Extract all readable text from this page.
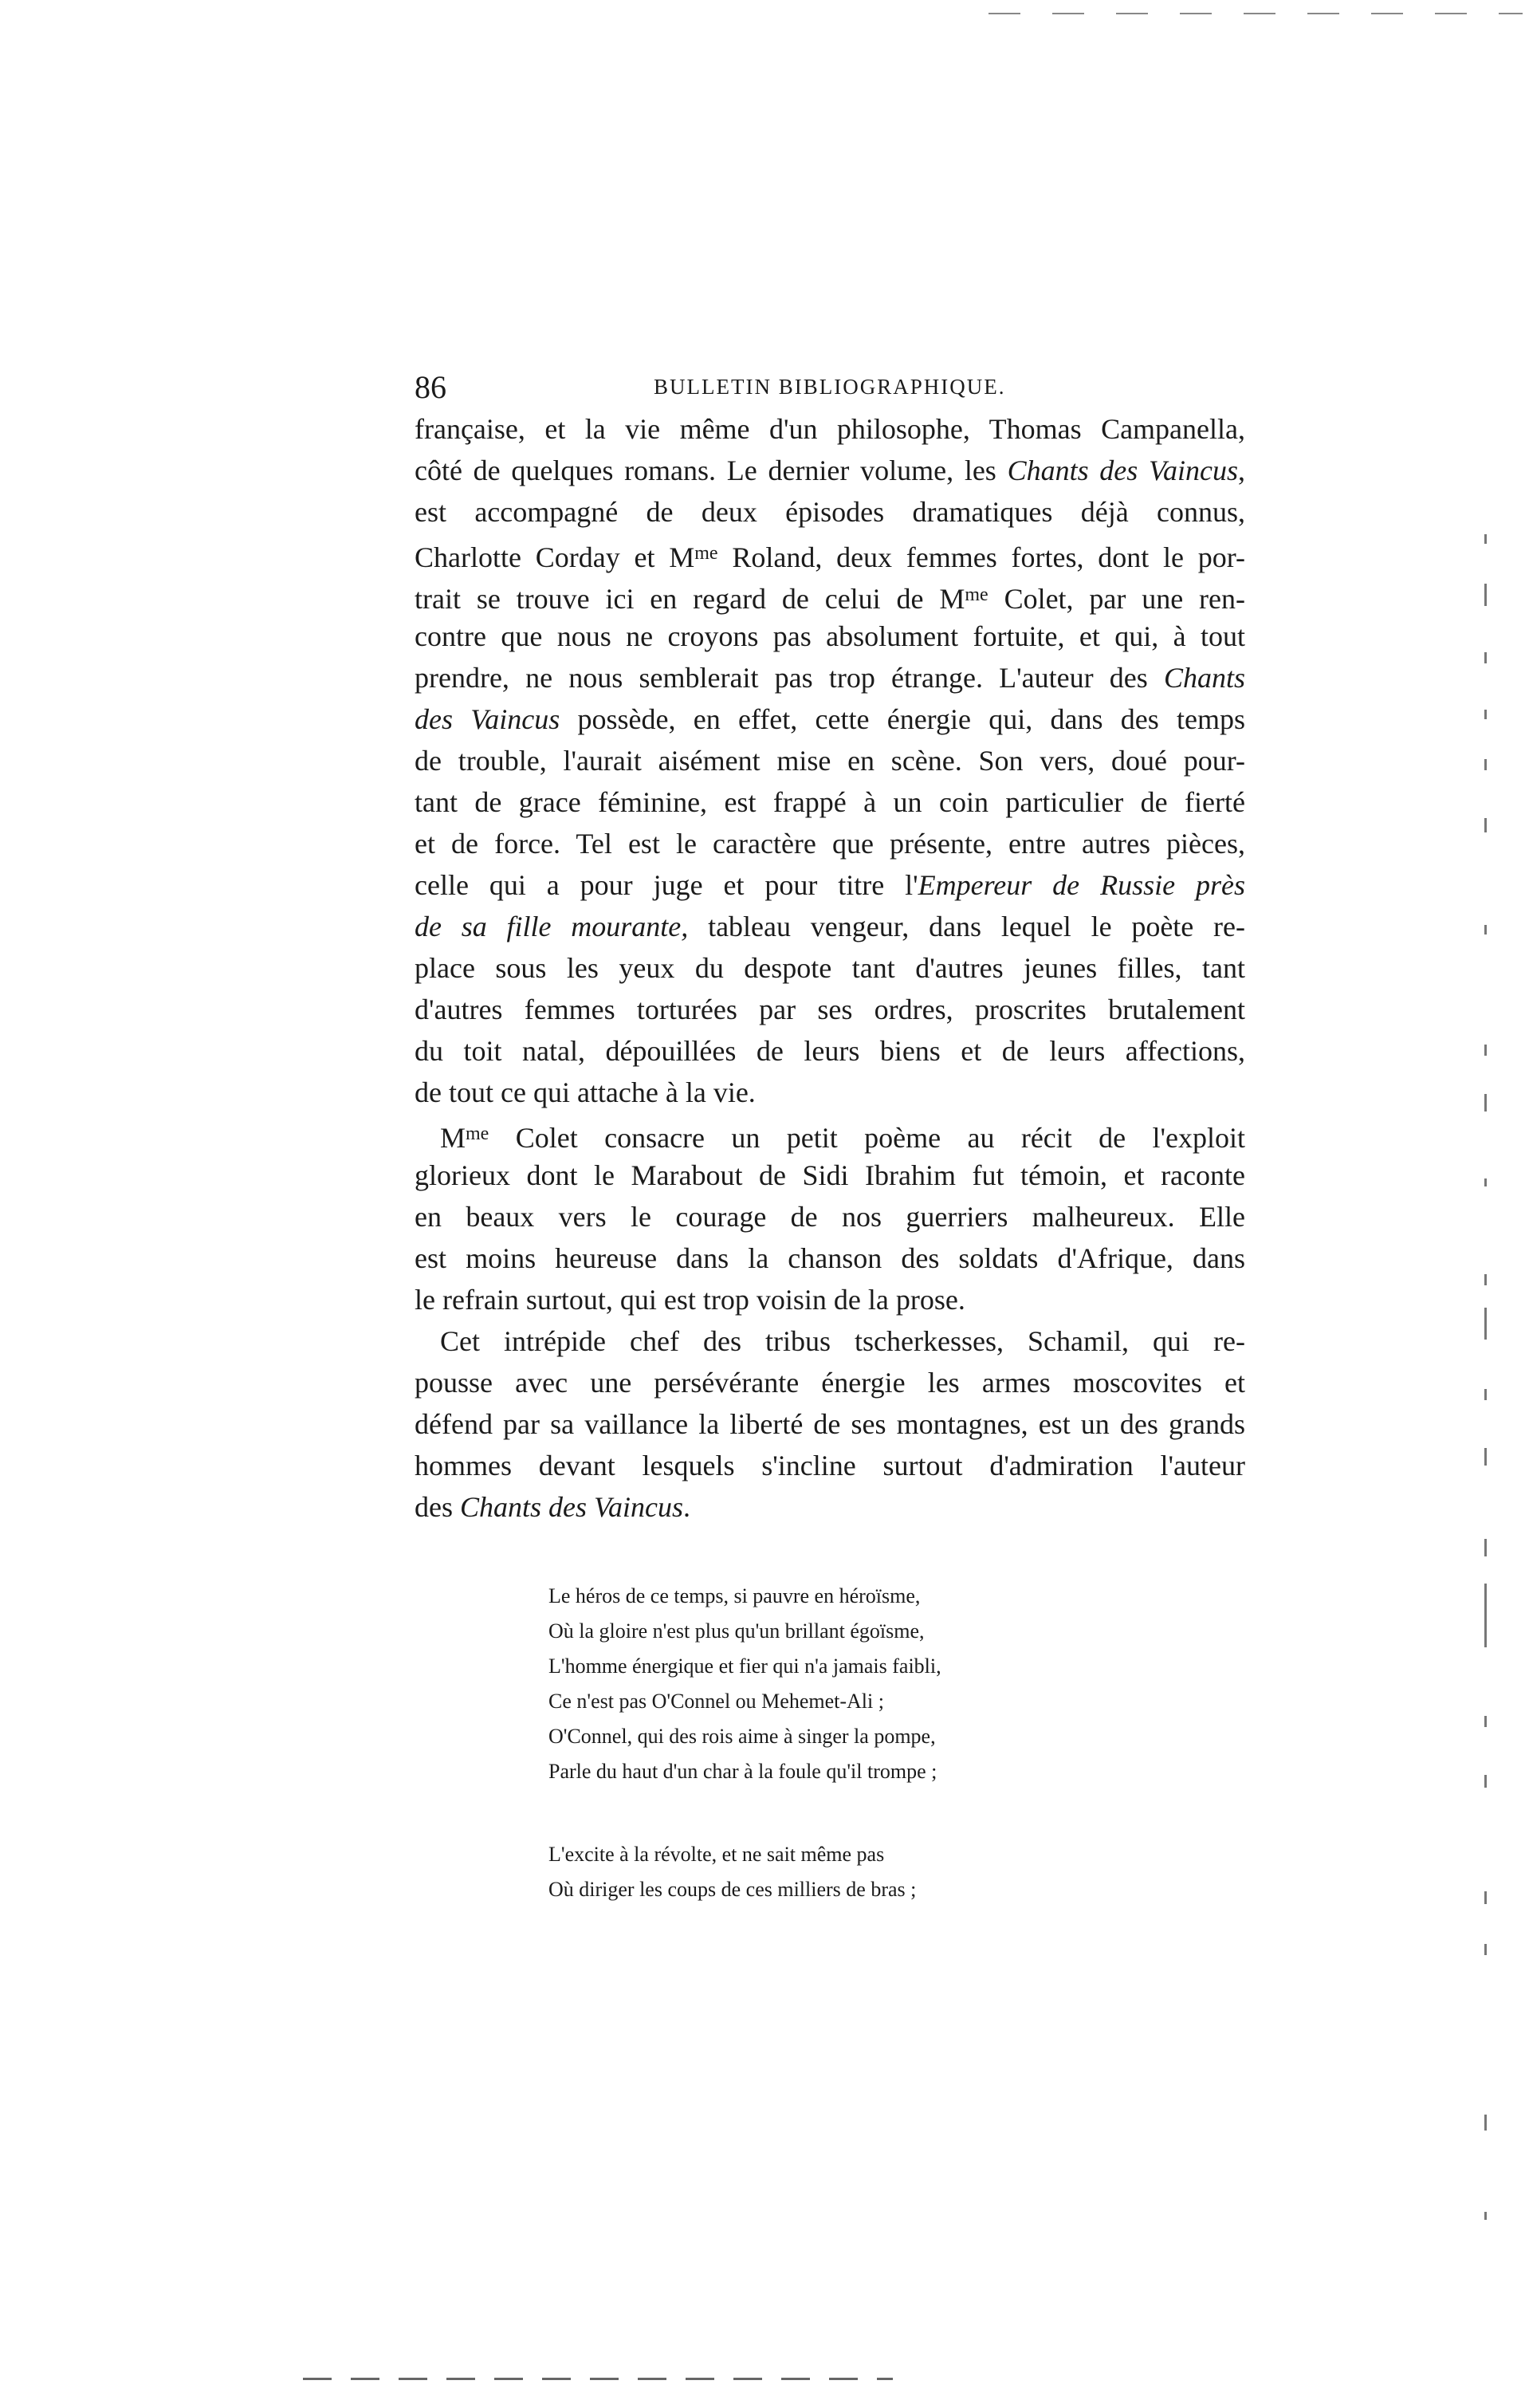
86	BULLETIN BIBLIOGRAPHIQUE.
française, et la vie même d'un philosophe, Thomas Campanella,
côté de quelques romans. Le dernier volume, les Chants des Vaincus,
est accompagné de deux épisodes dramatiques déjà connus,
Charlotte Corday et $M^{me}$ Roland, deux femmes fortes, dont le por-
trait se trouve ici en regard de celui de $M^{me}$ Colet, par une ren-
contre que nous ne croyons pas absolument fortuite, et qui, à tout
prendre, ne nous semblerait pas trop étrange. L'auteur des Chants
des Vaincus possède, en effet, cette énergie qui, dans des temps
de trouble, l'aurait aisément mise en scène. Son vers, doué pour-
tant de grace féminine, est frappé à un coin particulier de fierté
et de force. Tel est le caractère que présente, entre autres pièces,
celle qui a pour juge et pour titre l'Empereur de Russie près
de sa fille mourante, tableau vengeur, dans lequel le poète re-
place sous les yeux du despote tant d'autres jeunes filles, tant
d'autres femmes torturées par ses ordres, proscrites brutalement
du toit natal, dépouillées de leurs biens et de leurs affections,
de tout ce qui attache à la vie.
$M^{me}$ Colet consacre un petit poème au récit de l'exploit
glorieux dont le Marabout de Sidi Ibrahim fut témoin, et raconte
en beaux vers le courage de nos guerriers malheureux. Elle
est moins heureuse dans la chanson des soldats d'Afrique, dans
le refrain surtout, qui est trop voisin de la prose.
Cet intrépide chef des tribus tscherkesses, Schamil, qui re-
pousse avec une persévérante énergie les armes moscovites et
défend par sa vaillance la liberté de ses montagnes, est un des grands
hommes devant lesquels s'incline surtout d'admiration l'auteur
des Chants des Vaincus.
Le héros de ce temps, si pauvre en héroïsme,
Où la gloire n'est plus qu'un brillant égoïsme,
L'homme énergique et fier qui n'a jamais faibli,
Ce n'est pas O'Connel ou Mehemet-Ali ;
O'Connel, qui des rois aime à singer la pompe,
Parle du haut d'un char à la foule qu'il trompe ;
L'excite à la révolte, et ne sait même pas
Où diriger les coups de ces milliers de bras ;
